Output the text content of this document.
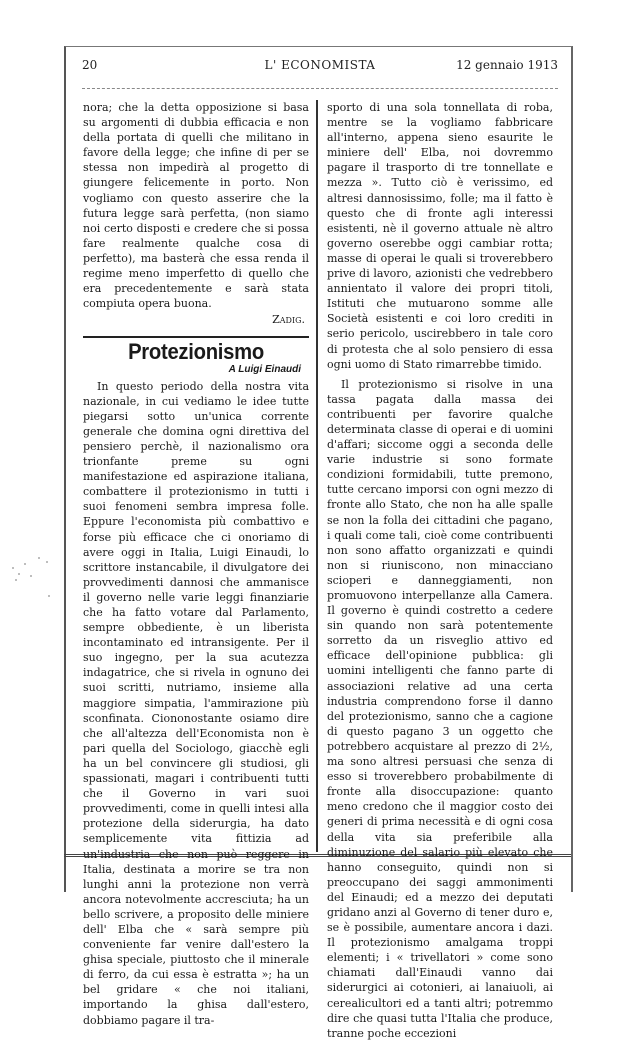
20	L' ECONOMISTA	12 gennaio 1913

nora; che la detta opposizione si basa su argomenti di dubbia efficacia e non della portata di quelli che militano in favore della legge; che infine di per se stessa non impedirà al progetto di giungere felicemente in porto. Non vogliamo con questo asserire che la futura legge sarà perfetta, (non siamo noi certo disposti e credere che si possa fare realmente qualche cosa di perfetto), ma basterà che essa renda il regime meno imperfetto di quello che era precedentemente e sarà stata compiuta opera buona.

Zadig.

Protezionismo

A Luigi Einaudi

In questo periodo della nostra vita nazionale, in cui vediamo le idee tutte piegarsi sotto un'unica corrente generale che domina ogni direttiva del pensiero perchè, il nazionalismo ora trionfante preme su ogni manifestazione ed aspirazione italiana, combattere il protezionismo in tutti i suoi fenomeni sembra impresa folle. Eppure l'economista più combattivo e forse più efficace che ci onoriamo di avere oggi in Italia, Luigi Einaudi, lo scrittore instancabile, il divulgatore dei provvedimenti dannosi che ammanisce il governo nelle varie leggi finanziarie che ha fatto votare dal Parlamento, sempre obbediente, è un liberista incontaminato ed intransigente. Per il suo ingegno, per la sua acutezza indagatrice, che si rivela in ognuno dei suoi scritti, nutriamo, insieme alla maggiore simpatia, l'ammirazione più sconfinata. Ciononostante osiamo dire che all'altezza dell'Economista non è pari quella del Sociologo, giacchè egli ha un bel convincere gli studiosi, gli spassionati, magari i contribuenti tutti che il Governo in vari suoi provvedimenti, come in quelli intesi alla protezione della siderurgia, ha dato semplicemente vita fittizia ad un'industria che non può reggere in Italia, destinata a morire se tra non lunghi anni la protezione non verrà ancora notevolmente accresciuta; ha un bello scrivere, a proposito delle miniere dell' Elba che « sarà sempre più conveniente far venire dall'estero la ghisa speciale, piuttosto che il minerale di ferro, da cui essa è estratta »; ha un bel gridare « che noi italiani, importando la ghisa dall'estero, dobbiamo pagare il tra-

sporto di una sola tonnellata di roba, mentre se la vogliamo fabbricare all'interno, appena sieno esaurite le miniere dell' Elba, noi dovremmo pagare il trasporto di tre tonnellate e mezza ». Tutto ciò è verissimo, ed altresi dannosissimo, folle; ma il fatto è questo che di fronte agli interessi esistenti, nè il governo attuale nè altro governo oserebbe oggi cambiar rotta; masse di operai le quali si troverebbero prive di lavoro, azionisti che vedrebbero annientato il valore dei propri titoli, Istituti che mutuarono somme alle Società esistenti e coi loro crediti in serio pericolo, uscirebbero in tale coro di protesta che al solo pensiero di essa ogni uomo di Stato rimarrebbe timido.

Il protezionismo si risolve in una tassa pagata dalla massa dei contribuenti per favorire qualche determinata classe di operai e di uomini d'affari; siccome oggi a seconda delle varie industrie si sono formate condizioni formidabili, tutte premono, tutte cercano imporsi con ogni mezzo di fronte allo Stato, che non ha alle spalle se non la folla dei cittadini che pagano, i quali come tali, cioè come contribuenti non sono affatto organizzati e quindi non si riuniscono, non minacciano scioperi e danneggiamenti, non promuovono interpellanze alla Camera. Il governo è quindi costretto a cedere sin quando non sarà potentemente sorretto da un risveglio attivo ed efficace dell'opinione pubblica: gli uomini intelligenti che fanno parte di associazioni relative ad una certa industria comprendono forse il danno del protezionismo, sanno che a cagione di questo pagano 3 un oggetto che potrebbero acquistare al prezzo di 2½, ma sono altresi persuasi che senza di esso si troverebbero probabilmente di fronte alla disoccupazione: quanto meno credono che il maggior costo dei generi di prima necessità e di ogni cosa della vita sia preferibile alla diminuzione del salario più elevato che hanno conseguito, quindi non si preoccupano dei saggi ammonimenti del Einaudi; ed a mezzo dei deputati gridano anzi al Governo di tener duro e, se è possibile, aumentare ancora i dazi. Il protezionismo amalgama troppi elementi; i « trivellatori » come sono chiamati dall'Einaudi vanno dai siderurgici ai cotonieri, ai lanaiuoli, ai cerealicultori ed a tanti altri; potremmo dire che quasi tutta l'Italia che produce, tranne poche eccezioni
